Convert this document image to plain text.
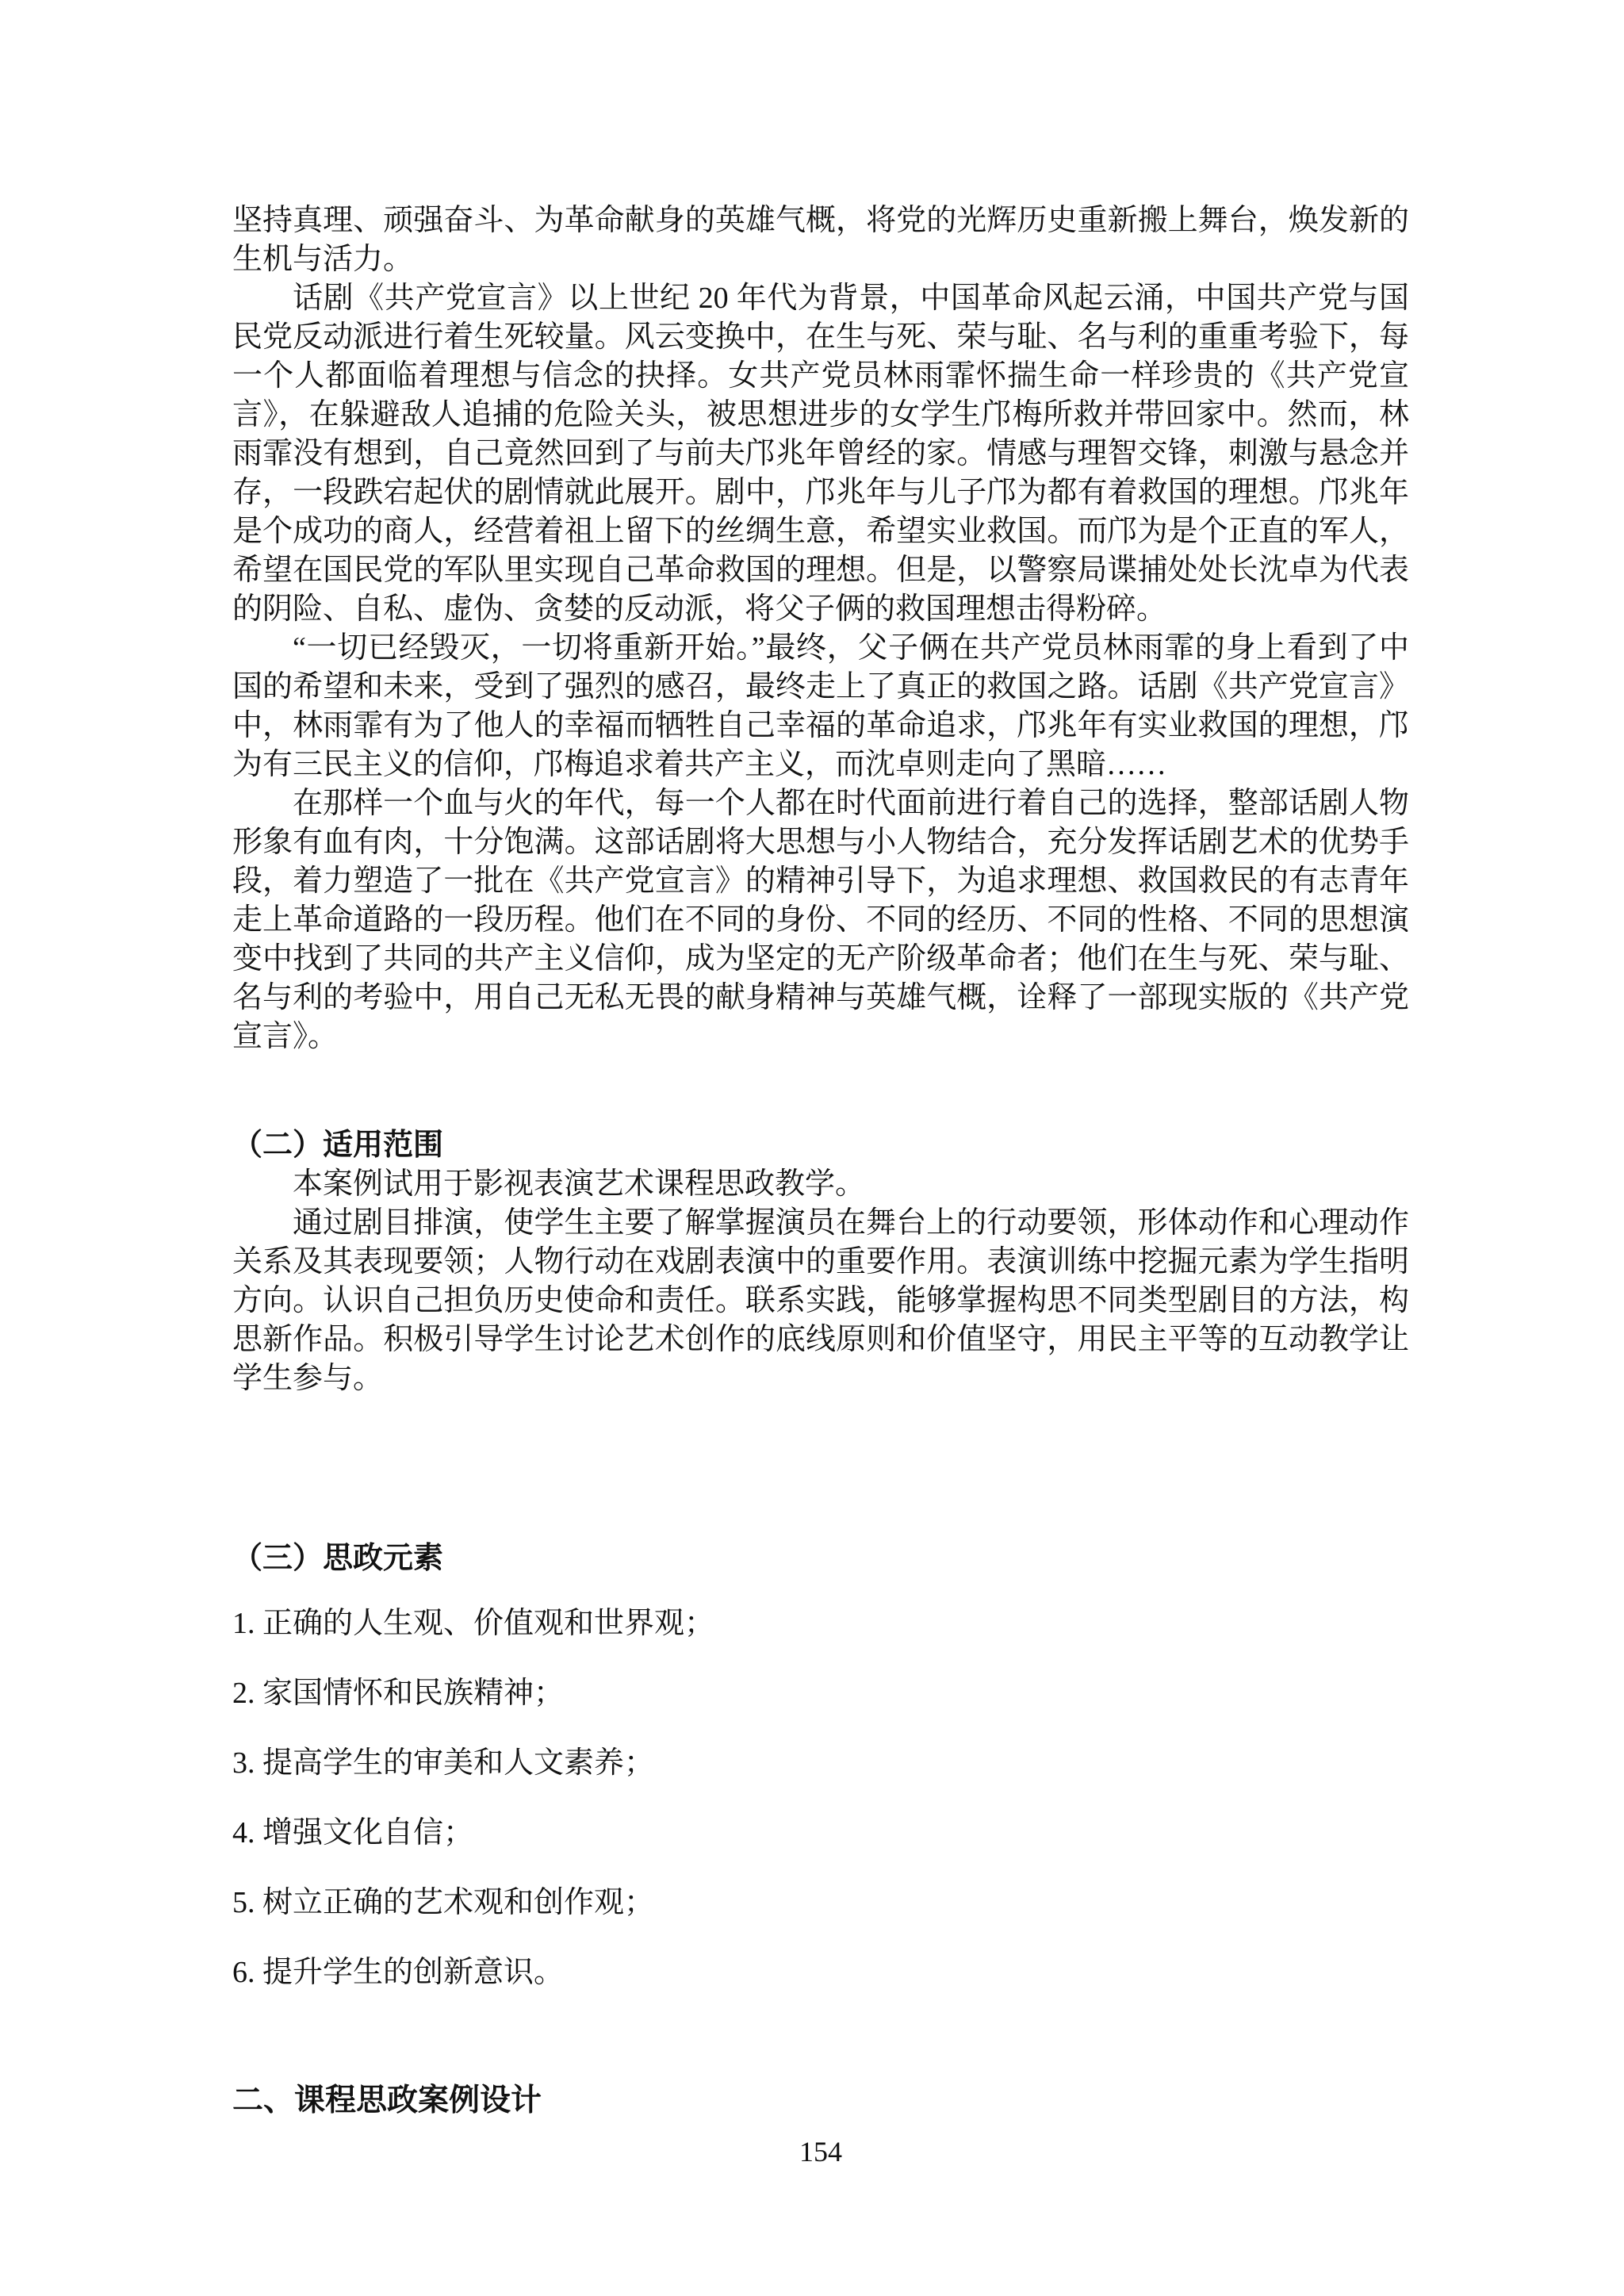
坚持真理、顽强奋斗、为革命献身的英雄气概，将党的光辉历史重新搬上舞台，焕发新的生机与活力。

话剧《共产党宣言》以上世纪 20 年代为背景，中国革命风起云涌，中国共产党与国民党反动派进行着生死较量。风云变换中，在生与死、荣与耻、名与利的重重考验下，每一个人都面临着理想与信念的抉择。女共产党员林雨霏怀揣生命一样珍贵的《共产党宣言》，在躲避敌人追捕的危险关头，被思想进步的女学生邝梅所救并带回家中。然而，林雨霏没有想到，自己竟然回到了与前夫邝兆年曾经的家。情感与理智交锋，刺激与悬念并存，一段跌宕起伏的剧情就此展开。剧中，邝兆年与儿子邝为都有着救国的理想。邝兆年是个成功的商人，经营着祖上留下的丝绸生意，希望实业救国。而邝为是个正直的军人，希望在国民党的军队里实现自己革命救国的理想。但是，以警察局谍捕处处长沈卓为代表的阴险、自私、虚伪、贪婪的反动派，将父子俩的救国理想击得粉碎。

“一切已经毁灭，一切将重新开始。”最终，父子俩在共产党员林雨霏的身上看到了中国的希望和未来，受到了强烈的感召，最终走上了真正的救国之路。话剧《共产党宣言》中，林雨霏有为了他人的幸福而牺牲自己幸福的革命追求，邝兆年有实业救国的理想，邝为有三民主义的信仰，邝梅追求着共产主义，而沈卓则走向了黑暗……

在那样一个血与火的年代，每一个人都在时代面前进行着自己的选择，整部话剧人物形象有血有肉，十分饱满。这部话剧将大思想与小人物结合，充分发挥话剧艺术的优势手段，着力塑造了一批在《共产党宣言》的精神引导下，为追求理想、救国救民的有志青年走上革命道路的一段历程。他们在不同的身份、不同的经历、不同的性格、不同的思想演变中找到了共同的共产主义信仰，成为坚定的无产阶级革命者；他们在生与死、荣与耻、名与利的考验中，用自己无私无畏的献身精神与英雄气概，诠释了一部现实版的《共产党宣言》。

（二）适用范围

本案例试用于影视表演艺术课程思政教学。

通过剧目排演，使学生主要了解掌握演员在舞台上的行动要领，形体动作和心理动作关系及其表现要领；人物行动在戏剧表演中的重要作用。表演训练中挖掘元素为学生指明方向。认识自己担负历史使命和责任。联系实践，能够掌握构思不同类型剧目的方法，构思新作品。积极引导学生讨论艺术创作的底线原则和价值坚守，用民主平等的互动教学让学生参与。

（三）思政元素
1. 正确的人生观、价值观和世界观；
2. 家国情怀和民族精神；
3. 提高学生的审美和人文素养；
4. 增强文化自信；
5. 树立正确的艺术观和创作观；
6. 提升学生的创新意识。
二、课程思政案例设计
154
